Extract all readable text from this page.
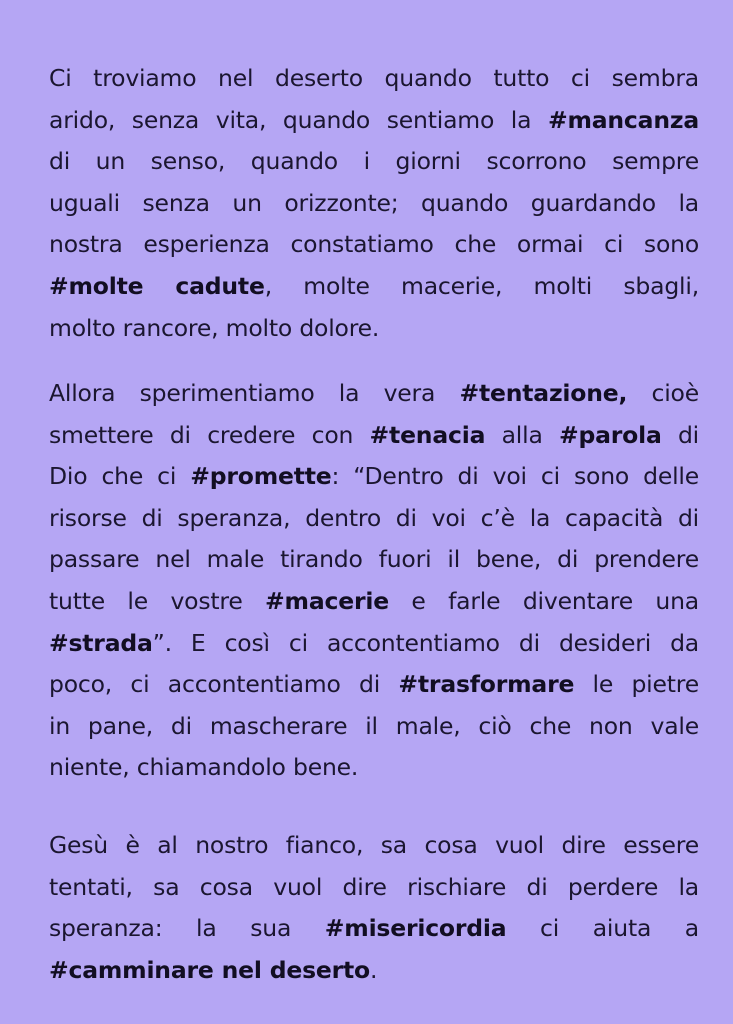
Ci troviamo nel deserto quando tutto ci sembra
arido, senza vita, quando sentiamo la #mancanza
di un senso, quando i giorni scorrono sempre
uguali senza un orizzonte; quando guardando la
nostra esperienza constatiamo che ormai ci sono
#molte cadute, molte macerie, molti sbagli,
molto rancore, molto dolore.
Allora sperimentiamo la vera #tentazione, cioè
smettere di credere con #tenacia alla #parola di
Dio che ci #promette: “Dentro di voi ci sono delle
risorse di speranza, dentro di voi c’è la capacità di
passare nel male tirando fuori il bene, di prendere
tutte le vostre #macerie e farle diventare una
#strada”. E così ci accontentiamo di desideri da
poco, ci accontentiamo di #trasformare le pietre
in pane, di mascherare il male, ciò che non vale
niente, chiamandolo bene.
Gesù è al nostro fianco, sa cosa vuol dire essere
tentati, sa cosa vuol dire rischiare di perdere la
speranza: la sua #misericordia ci aiuta a
#camminare nel deserto.
